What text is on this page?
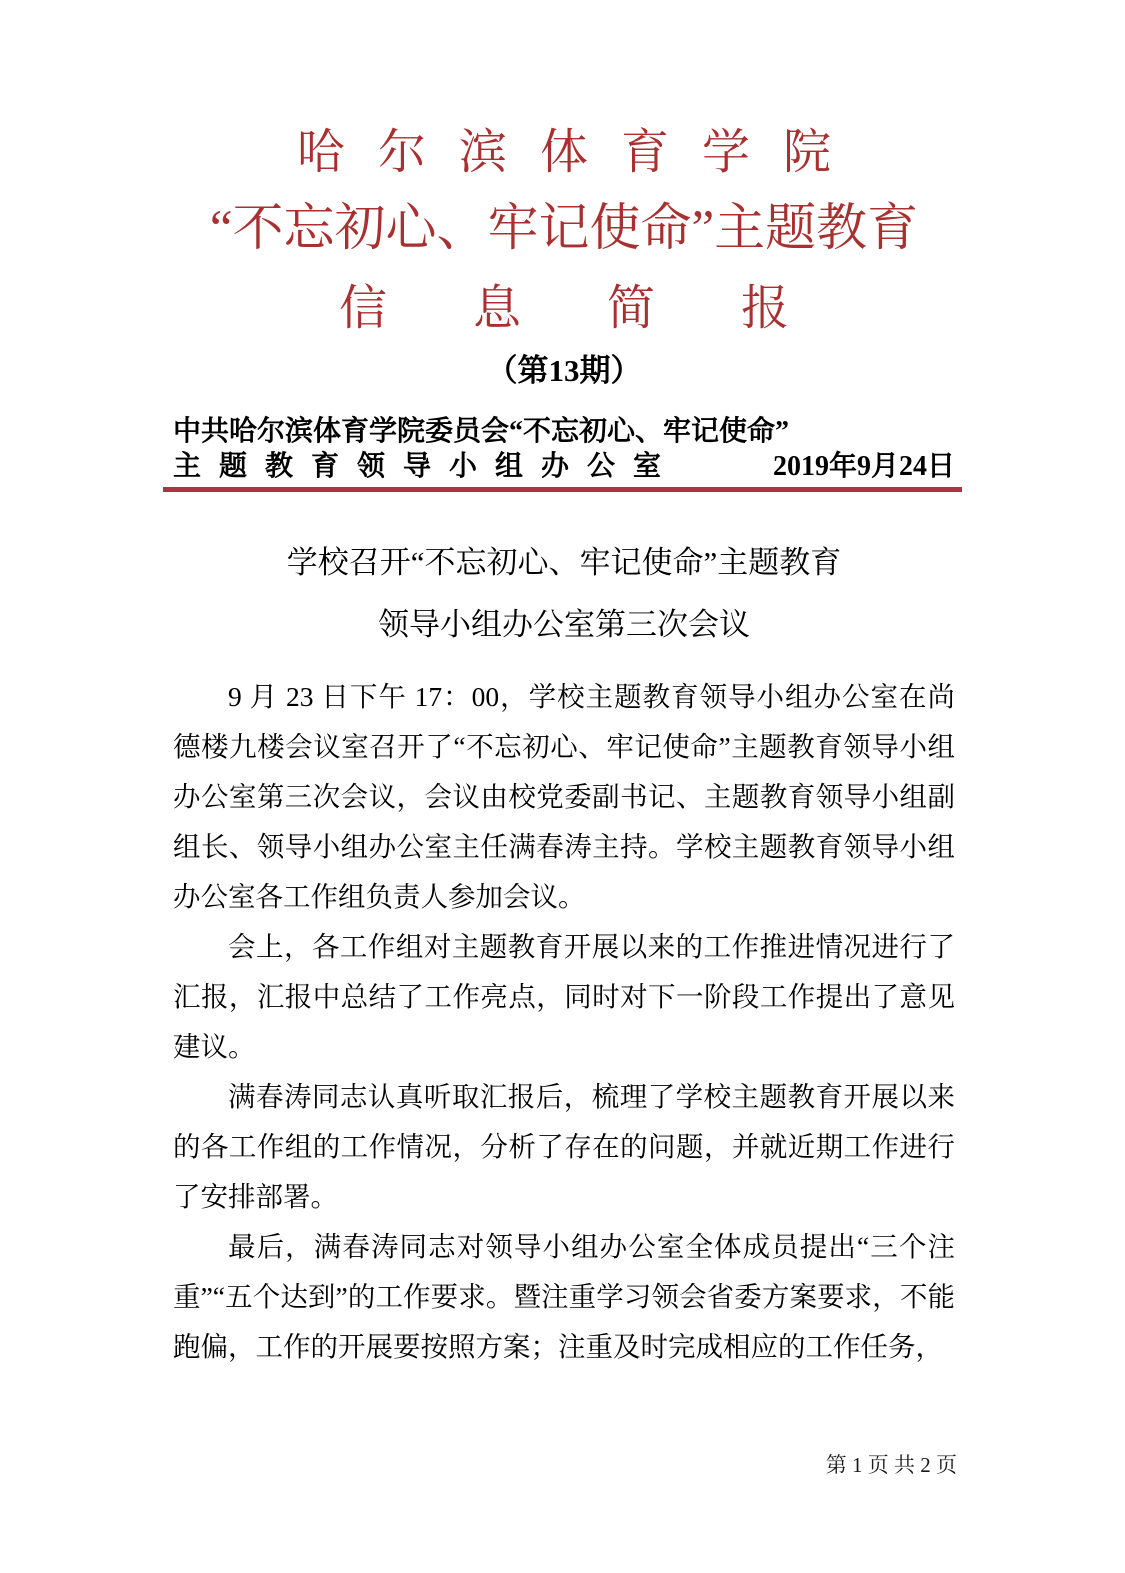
哈尔滨体育学院
“不忘初心、牢记使命”主题教育
信息简报
（第13期）
中共哈尔滨体育学院委员会“不忘初心、牢记使命”
主题教育领导小组办公室	2019年9月24日
学校召开“不忘初心、牢记使命”主题教育
领导小组办公室第三次会议

9 月 23 日下午 17：00，学校主题教育领导小组办公室在尚德楼九楼会议室召开了“不忘初心、牢记使命”主题教育领导小组办公室第三次会议，会议由校党委副书记、主题教育领导小组副组长、领导小组办公室主任满春涛主持。学校主题教育领导小组办公室各工作组负责人参加会议。

会上，各工作组对主题教育开展以来的工作推进情况进行了汇报，汇报中总结了工作亮点，同时对下一阶段工作提出了意见建议。

满春涛同志认真听取汇报后，梳理了学校主题教育开展以来的各工作组的工作情况，分析了存在的问题，并就近期工作进行了安排部署。

最后，满春涛同志对领导小组办公室全体成员提出“三个注重”“五个达到”的工作要求。暨注重学习领会省委方案要求，不能跑偏，工作的开展要按照方案；注重及时完成相应的工作任务，

第 1 页 共 2 页
